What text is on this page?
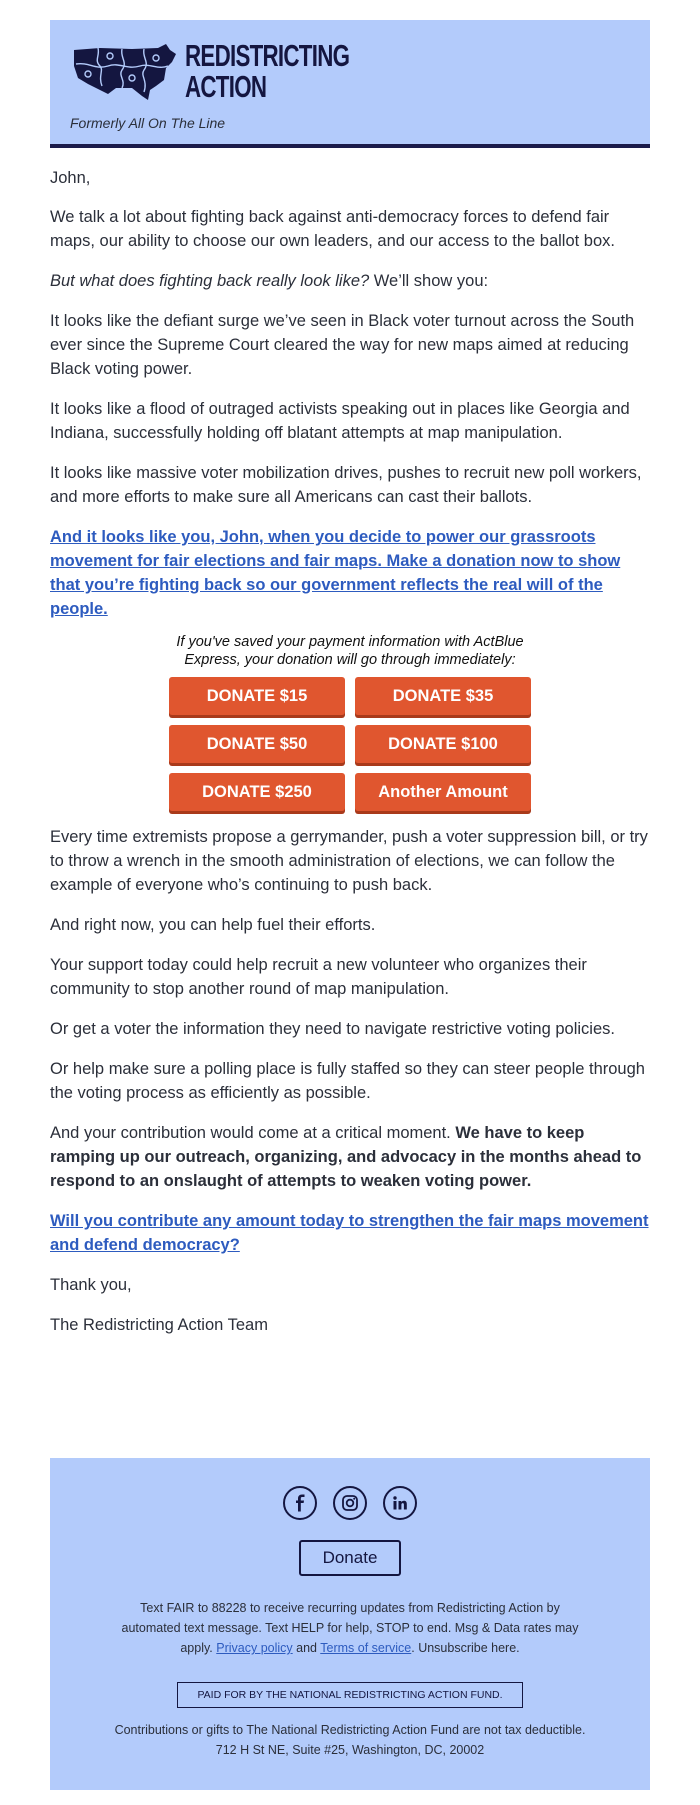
REDISTRICTING
ACTION
Formerly All On The Line

John,

We talk a lot about fighting back against anti-democracy forces to defend fair maps, our ability to choose our own leaders, and our access to the ballot box.

But what does fighting back really look like? We’ll show you:

It looks like the defiant surge we’ve seen in Black voter turnout across the South ever since the Supreme Court cleared the way for new maps aimed at reducing Black voting power.

It looks like a flood of outraged activists speaking out in places like Georgia and Indiana, successfully holding off blatant attempts at map manipulation.

It looks like massive voter mobilization drives, pushes to recruit new poll workers, and more efforts to make sure all Americans can cast their ballots.

And it looks like you, John, when you decide to power our grassroots movement for fair elections and fair maps. Make a donation now to show that you’re fighting back so our government reflects the real will of the people.

If you've saved your payment information with ActBlue Express, your donation will go through immediately:
DONATE $15	DONATE $35
DONATE $50	DONATE $100
DONATE $250	Another Amount

Every time extremists propose a gerrymander, push a voter suppression bill, or try to throw a wrench in the smooth administration of elections, we can follow the example of everyone who’s continuing to push back.

And right now, you can help fuel their efforts.

Your support today could help recruit a new volunteer who organizes their community to stop another round of map manipulation.

Or get a voter the information they need to navigate restrictive voting policies.

Or help make sure a polling place is fully staffed so they can steer people through the voting process as efficiently as possible.

And your contribution would come at a critical moment. We have to keep ramping up our outreach, organizing, and advocacy in the months ahead to respond to an onslaught of attempts to weaken voting power.

Will you contribute any amount today to strengthen the fair maps movement and defend democracy?

Thank you,

The Redistricting Action Team

Donate
Text FAIR to 88228 to receive recurring updates from Redistricting Action by automated text message. Text HELP for help, STOP to end. Msg & Data rates may apply. Privacy policy and Terms of service. Unsubscribe here.
PAID FOR BY THE NATIONAL REDISTRICTING ACTION FUND.
Contributions or gifts to The National Redistricting Action Fund are not tax deductible.
712 H St NE, Suite #25, Washington, DC, 20002
